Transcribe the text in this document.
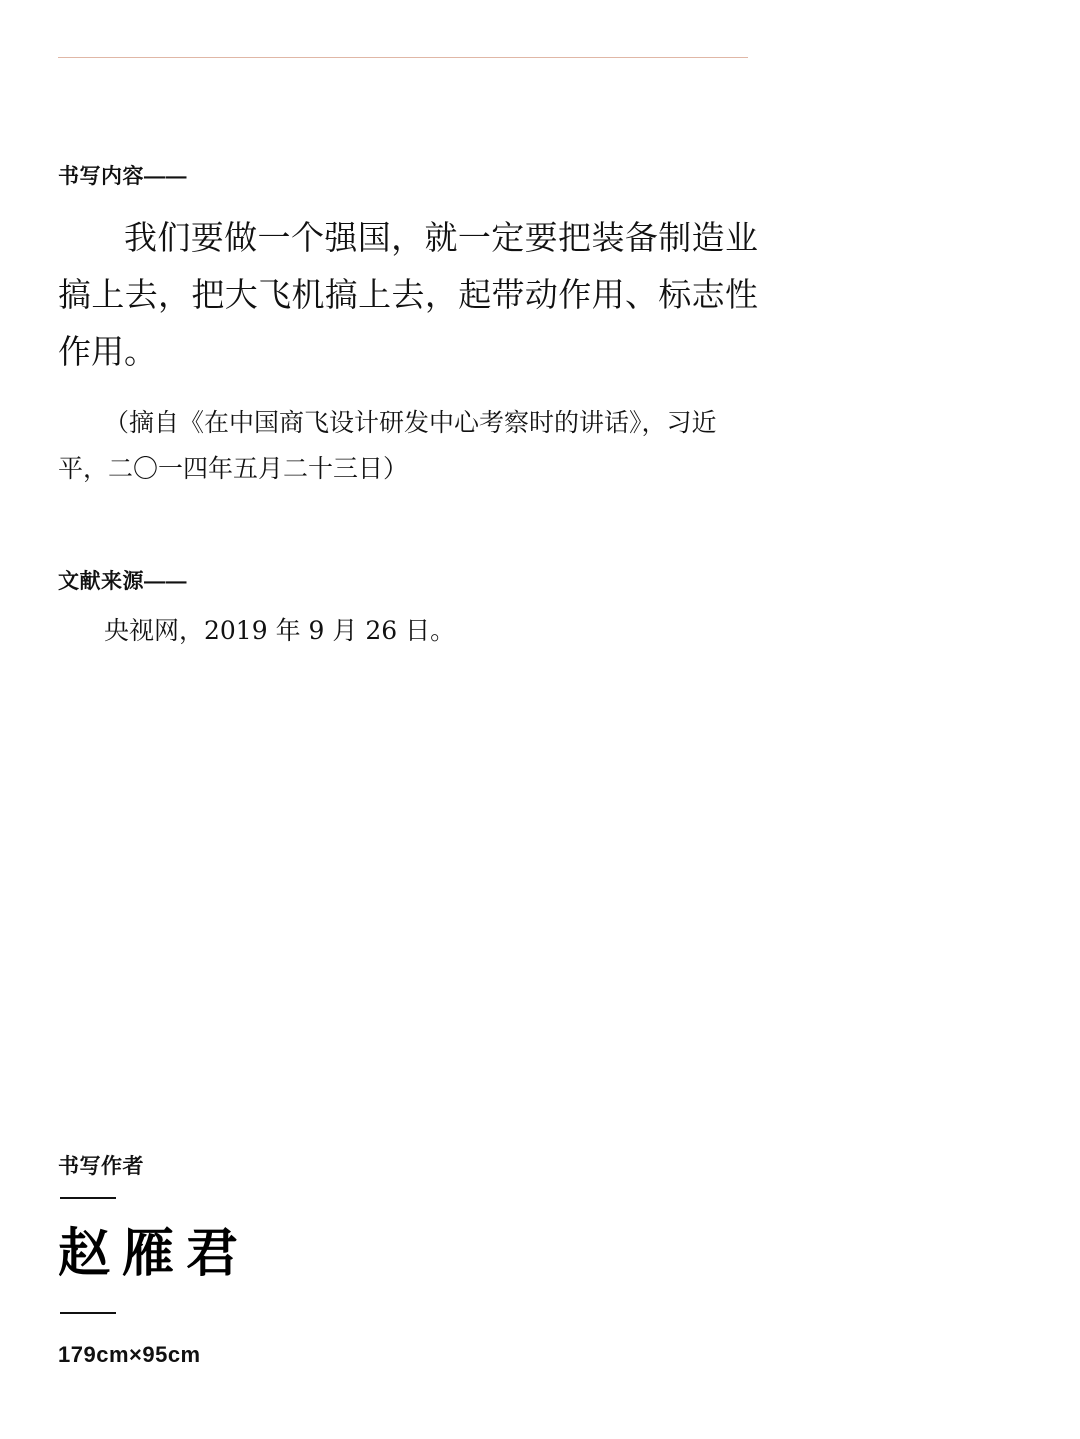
书写内容——
我们要做一个强国，就一定要把装备制造业搞上去，把大飞机搞上去，起带动作用、标志性作用。
（摘自《在中国商飞设计研发中心考察时的讲话》，习近平，二〇一四年五月二十三日）
文献来源——
央视网，2019 年 9 月 26 日。
书写作者
赵雁君
179cm×95cm
